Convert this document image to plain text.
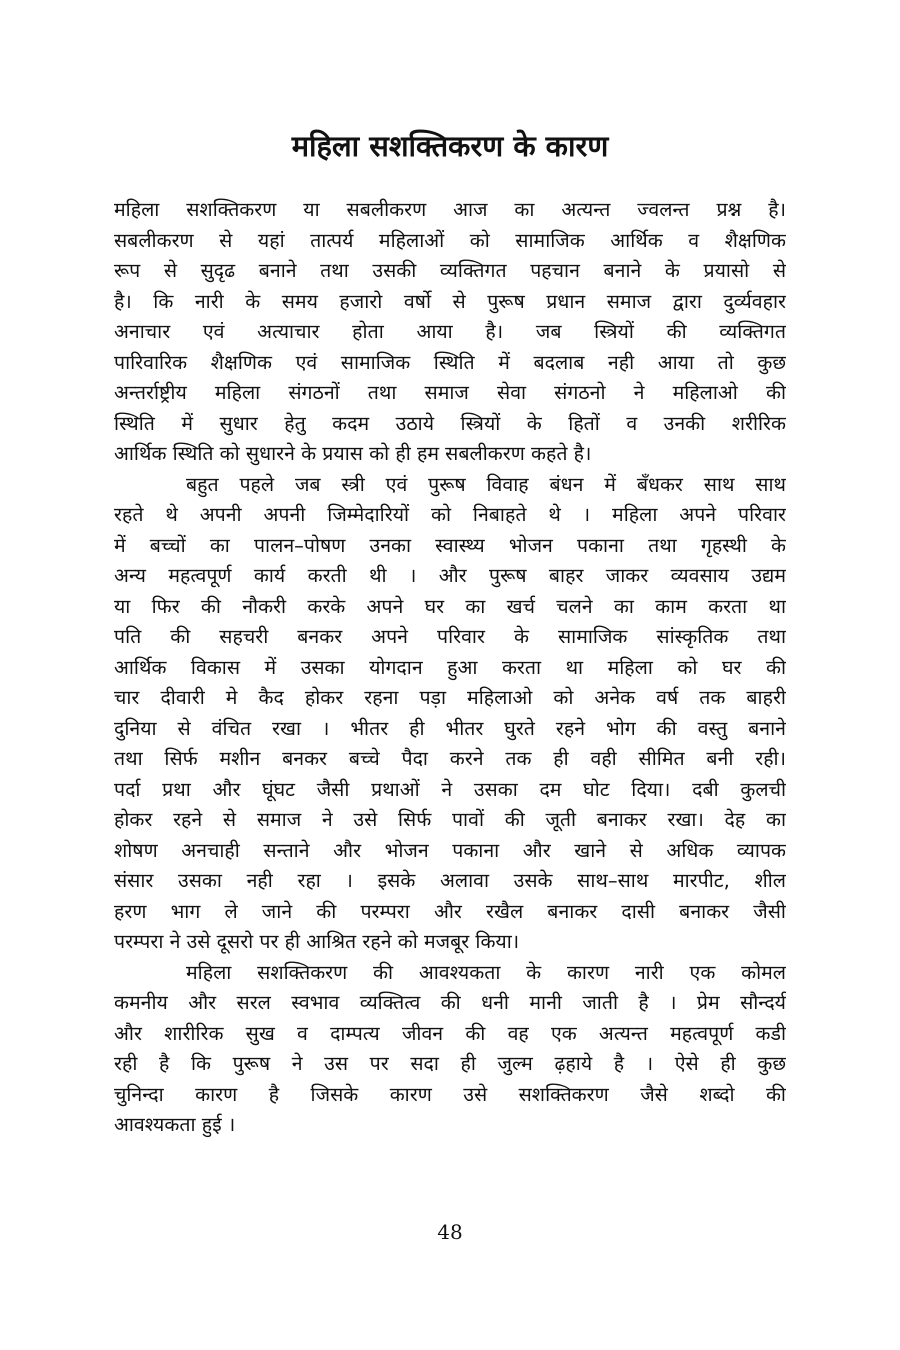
महिला सशक्तिकरण के कारण

महिला सशक्तिकरण या सबलीकरण आज का अत्यन्त ज्वलन्त प्रश्न है।
सबलीकरण से यहां तात्पर्य महिलाओं को सामाजिक आर्थिक व शैक्षणिक
रूप से सुदृढ बनाने तथा उसकी व्यक्तिगत पहचान बनाने के प्रयासो से
है। कि नारी के समय हजारो वर्षो से पुरूष प्रधान समाज द्वारा दुर्व्यवहार
अनाचार एवं अत्याचार होता आया है। जब स्त्रियों की व्यक्तिगत
पारिवारिक शैक्षणिक एवं सामाजिक स्थिति में बदलाब नही आया तो कुछ
अन्तर्राष्ट्रीय महिला संगठनों तथा समाज सेवा संगठनो ने महिलाओ की
स्थिति में सुधार हेतु कदम उठाये स्त्रियों के हितों व उनकी शरीरिक
आर्थिक स्थिति को सुधारने के प्रयास को ही हम सबलीकरण कहते है।

बहुत पहले जब स्त्री एवं पुरूष विवाह बंधन में बँधकर साथ साथ
रहते थे अपनी अपनी जिम्मेदारियों को निबाहते थे । महिला अपने परिवार
में बच्चों का पालन–पोषण उनका स्वास्थ्य भोजन पकाना तथा गृहस्थी के
अन्य महत्वपूर्ण कार्य करती थी । और पुरूष बाहर जाकर व्यवसाय उद्यम
या फिर की नौकरी करके अपने घर का खर्च चलने का काम करता था
पति की सहचरी बनकर अपने परिवार के सामाजिक सांस्कृतिक तथा
आर्थिक विकास में उसका योगदान हुआ करता था महिला को घर की
चार दीवारी मे कैद होकर रहना पड़ा महिलाओ को अनेक वर्ष तक बाहरी
दुनिया से वंचित रखा । भीतर ही भीतर घुरते रहने भोग की वस्तु बनाने
तथा सिर्फ मशीन बनकर बच्चे पैदा करने तक ही वही सीमित बनी रही।
पर्दा प्रथा और घूंघट जैसी प्रथाओं ने उसका दम घोट दिया। दबी कुलची
होकर रहने से समाज ने उसे सिर्फ पावों की जूती बनाकर रखा। देह का
शोषण अनचाही सन्ताने और भोजन पकाना और खाने से अधिक व्यापक
संसार उसका नही रहा । इसके अलावा उसके साथ–साथ मारपीट, शील
हरण भाग ले जाने की परम्परा और रखैल बनाकर दासी बनाकर जैसी
परम्परा ने उसे दूसरो पर ही आश्रित रहने को मजबूर किया।

महिला सशक्तिकरण की आवश्यकता के कारण नारी एक कोमल
कमनीय और सरल स्वभाव व्यक्तित्व की धनी मानी जाती है । प्रेम सौन्दर्य
और शारीरिक सुख व दाम्पत्य जीवन की वह एक अत्यन्त महत्वपूर्ण कडी
रही है कि पुरूष ने उस पर सदा ही जुल्म ढ़हाये है । ऐसे ही कुछ
चुनिन्दा कारण है जिसके कारण उसे सशक्तिकरण जैसे शब्दो की
आवश्यकता हुई ।

48
